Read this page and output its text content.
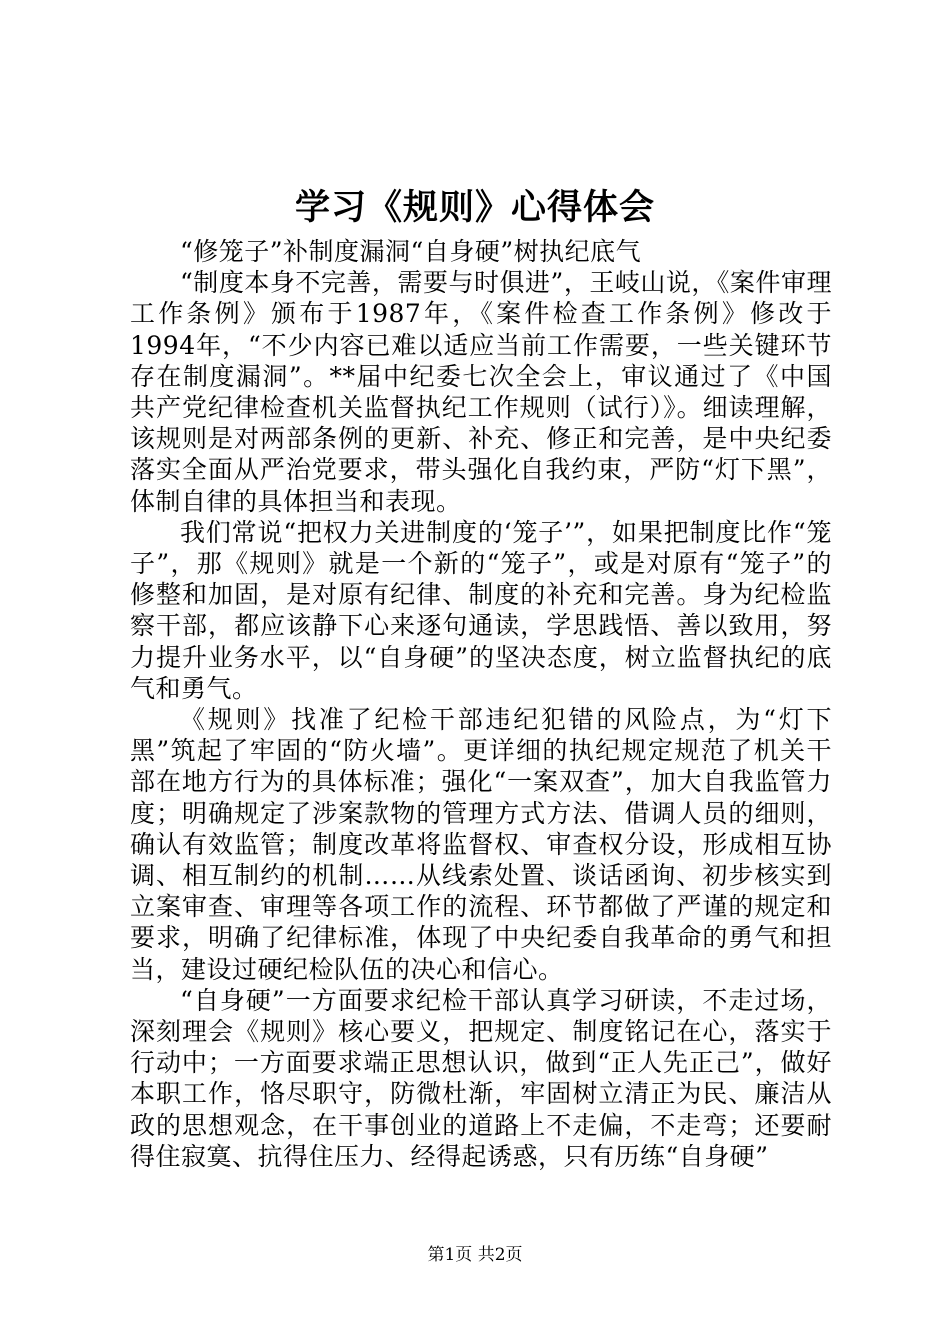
学习《规则》心得体会

“修笼子”补制度漏洞“自身硬”树执纪底气

“制度本身不完善，需要与时俱进”，王岐山说，《案件审理工作条例》颁布于1987年，《案件检查工作条例》修改于1994年，“不少内容已难以适应当前工作需要，一些关键环节存在制度漏洞”。**届中纪委七次全会上，审议通过了《中国共产党纪律检查机关监督执纪工作规则（试行）》。细读理解，该规则是对两部条例的更新、补充、修正和完善，是中央纪委落实全面从严治党要求，带头强化自我约束，严防“灯下黑”，体制自律的具体担当和表现。

我们常说“把权力关进制度的‘笼子’”，如果把制度比作“笼子”，那《规则》就是一个新的“笼子”，或是对原有“笼子”的修整和加固，是对原有纪律、制度的补充和完善。身为纪检监察干部，都应该静下心来逐句通读，学思践悟、善以致用，努力提升业务水平，以“自身硬”的坚决态度，树立监督执纪的底气和勇气。

《规则》找准了纪检干部违纪犯错的风险点，为“灯下黑”筑起了牢固的“防火墙”。更详细的执纪规定规范了机关干部在地方行为的具体标准；强化“一案双查”，加大自我监管力度；明确规定了涉案款物的管理方式方法、借调人员的细则，确认有效监管；制度改革将监督权、审查权分设，形成相互协调、相互制约的机制……从线索处置、谈话函询、初步核实到立案审查、审理等各项工作的流程、环节都做了严谨的规定和要求，明确了纪律标准，体现了中央纪委自我革命的勇气和担当，建设过硬纪检队伍的决心和信心。

“自身硬”一方面要求纪检干部认真学习研读，不走过场，深刻理会《规则》核心要义，把规定、制度铭记在心，落实于行动中；一方面要求端正思想认识，做到“正人先正己”，做好本职工作，恪尽职守，防微杜渐，牢固树立清正为民、廉洁从政的思想观念，在干事创业的道路上不走偏，不走弯；还要耐得住寂寞、抗得住压力、经得起诱惑，只有历练“自身硬”

第1页 共2页
